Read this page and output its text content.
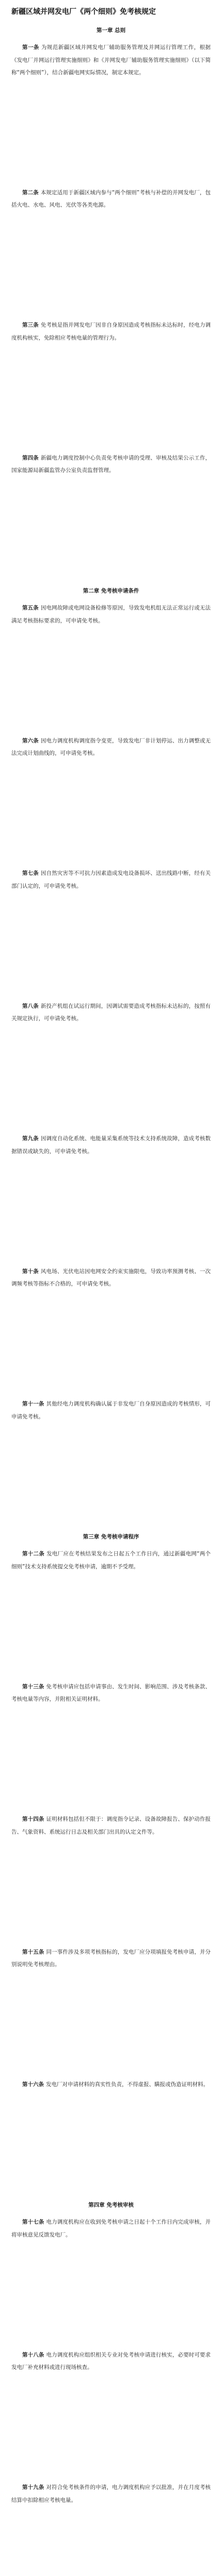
新疆区域并网发电厂《两个细则》免考核规定
第一章 总则

第一条 为规范新疆区域并网发电厂辅助服务管理及并网运行管理工作，根据《发电厂并网运行管理实施细则》和《并网发电厂辅助服务管理实施细则》（以下简称“两个细则”），结合新疆电网实际情况，制定本规定。

第二条 本规定适用于新疆区域内参与“两个细则”考核与补偿的并网发电厂，包括火电、水电、风电、光伏等各类电源。

第三条 免考核是指并网发电厂因非自身原因造成考核指标未达标时，经电力调度机构核实，免除相应考核电量的管理行为。

第四条 新疆电力调度控制中心负责免考核申请的受理、审核及结果公示工作，国家能源局新疆监管办公室负责监督管理。

第二章 免考核申请条件

第五条 因电网故障或电网设备检修等原因，导致发电机组无法正常运行或无法满足考核指标要求的，可申请免考核。

第六条 因电力调度机构调度指令变更，导致发电厂非计划停运、出力调整或无法完成计划曲线的，可申请免考核。

第七条 因自然灾害等不可抗力因素造成发电设备损坏、送出线路中断，经有关部门认定的，可申请免考核。

第八条 新投产机组在试运行期间，因调试需要造成考核指标未达标的，按照有关规定执行，可申请免考核。

第九条 因调度自动化系统、电能量采集系统等技术支持系统故障，造成考核数据错误或缺失的，可申请免考核。

第十条 风电场、光伏电站因电网安全约束实施限电，导致功率预测考核、一次调频考核等指标不合格的，可申请免考核。

第十一条 其他经电力调度机构确认属于非发电厂自身原因造成的考核情形，可申请免考核。

第三章 免考核申请程序

第十二条 发电厂应在考核结果发布之日起五个工作日内，通过新疆电网“两个细则”技术支持系统提交免考核申请，逾期不予受理。

第十三条 免考核申请应包括申请事由、发生时间、影响范围、涉及考核条款、考核电量等内容，并附相关证明材料。

第十四条 证明材料包括但不限于：调度指令记录、设备故障报告、保护动作报告、气象资料、系统运行日志及相关部门出具的认定文件等。

第十五条 同一事件涉及多项考核指标的，发电厂应分项填报免考核申请，并分别说明免考核理由。

第十六条 发电厂对申请材料的真实性负责，不得虚报、瞒报或伪造证明材料。

第四章 免考核审核

第十七条 电力调度机构应在收到免考核申请之日起十个工作日内完成审核，并将审核意见反馈发电厂。

第十八条 电力调度机构应组织相关专业对免考核申请进行核实，必要时可要求发电厂补充材料或进行现场核查。

第十九条 对符合免考核条件的申请，电力调度机构应予以批准，并在月度考核结算中扣除相应考核电量。
